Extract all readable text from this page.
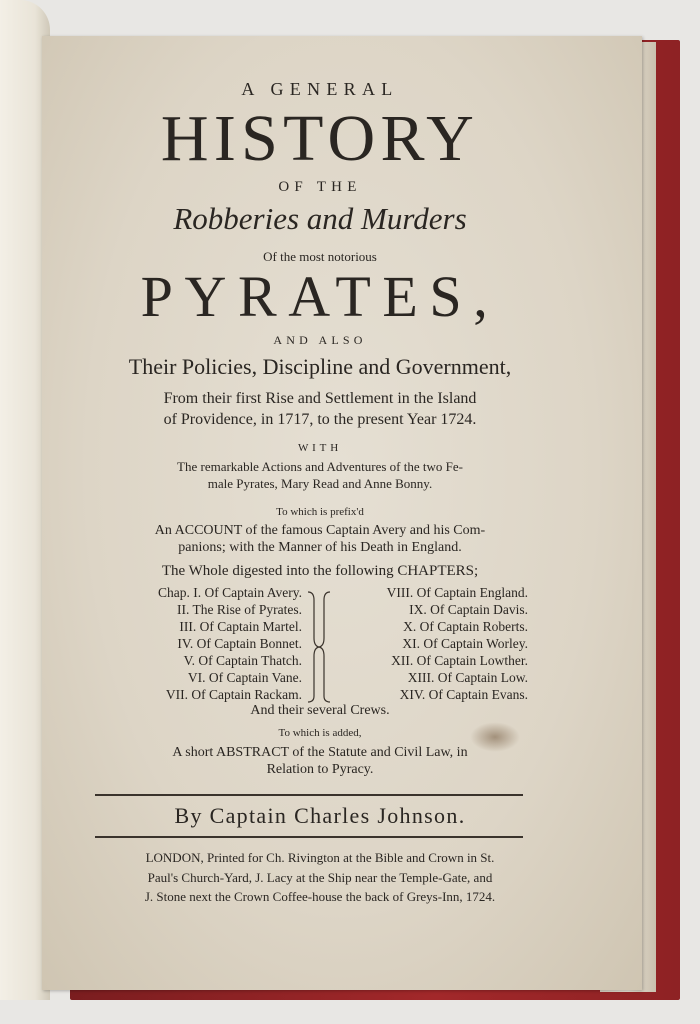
A GENERAL
HISTORY
OF THE
Robberies and Murders
Of the most notorious
PYRATES,
AND ALSO
Their Policies, Discipline and Government,
From their first Rise and Settlement in the Island
of Providence, in 1717, to the present Year 1724.
WITH
The remarkable Actions and Adventures of the two Fe-
male Pyrates, Mary Read and Anne Bonny.
To which is prefix'd
An ACCOUNT of the famous Captain Avery and his Com-
panions; with the Manner of his Death in England.
The Whole digested into the following CHAPTERS;
Chap. I. Of Captain Avery.
II. The Rise of Pyrates.
III. Of Captain Martel.
IV. Of Captain Bonnet.
V. Of Captain Thatch.
VI. Of Captain Vane.
VII. Of Captain Rackam.
VIII. Of Captain England.
IX. Of Captain Davis.
X. Of Captain Roberts.
XI. Of Captain Worley.
XII. Of Captain Lowther.
XIII. Of Captain Low.
XIV. Of Captain Evans.
And their several Crews.
To which is added,
A short ABSTRACT of the Statute and Civil Law, in
Relation to Pyracy.
By Captain Charles Johnson.
LONDON, Printed for Ch. Rivington at the Bible and Crown in St.
Paul's Church-Yard, J. Lacy at the Ship near the Temple-Gate, and
J. Stone next the Crown Coffee-house the back of Greys-Inn, 1724.
